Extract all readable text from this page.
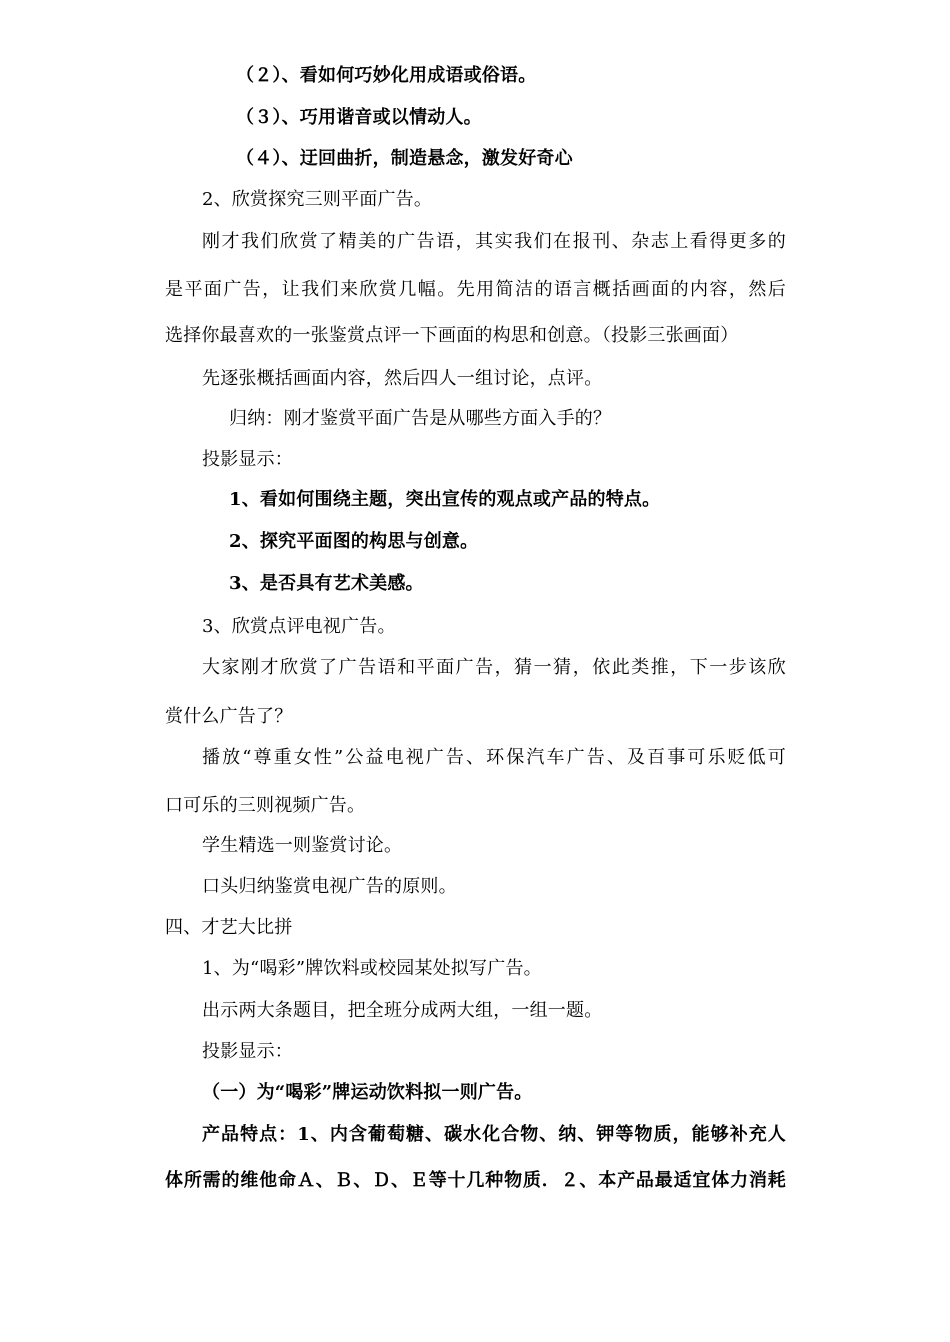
（２）、看如何巧妙化用成语或俗语。
（３）、巧用谐音或以情动人。
（４）、迂回曲折，制造悬念，激发好奇心
2、欣赏探究三则平面广告。
刚才我们欣赏了精美的广告语，其实我们在报刊、杂志上看得更多的
是平面广告，让我们来欣赏几幅。先用简洁的语言概括画面的内容，然后
选择你最喜欢的一张鉴赏点评一下画面的构思和创意。（投影三张画面）
先逐张概括画面内容，然后四人一组讨论，点评。
归纳：刚才鉴赏平面广告是从哪些方面入手的？
投影显示：
1、看如何围绕主题，突出宣传的观点或产品的特点。
2、探究平面图的构思与创意。
3、是否具有艺术美感。
3、欣赏点评电视广告。
大家刚才欣赏了广告语和平面广告，猜一猜，依此类推，下一步该欣
赏什么广告了？
播放“尊重女性”公益电视广告、环保汽车广告、及百事可乐贬低可
口可乐的三则视频广告。
学生精选一则鉴赏讨论。
口头归纳鉴赏电视广告的原则。
四、才艺大比拼
1、为“喝彩”牌饮料或校园某处拟写广告。
出示两大条题目，把全班分成两大组，一组一题。
投影显示：
（一）为“喝彩”牌运动饮料拟一则广告。
产品特点：1、内含葡萄糖、碳水化合物、纳、钾等物质，能够补充人
体所需的维他命Ａ、Ｂ、Ｄ、Ｅ等十几种物质．２、本产品最适宜体力消耗
